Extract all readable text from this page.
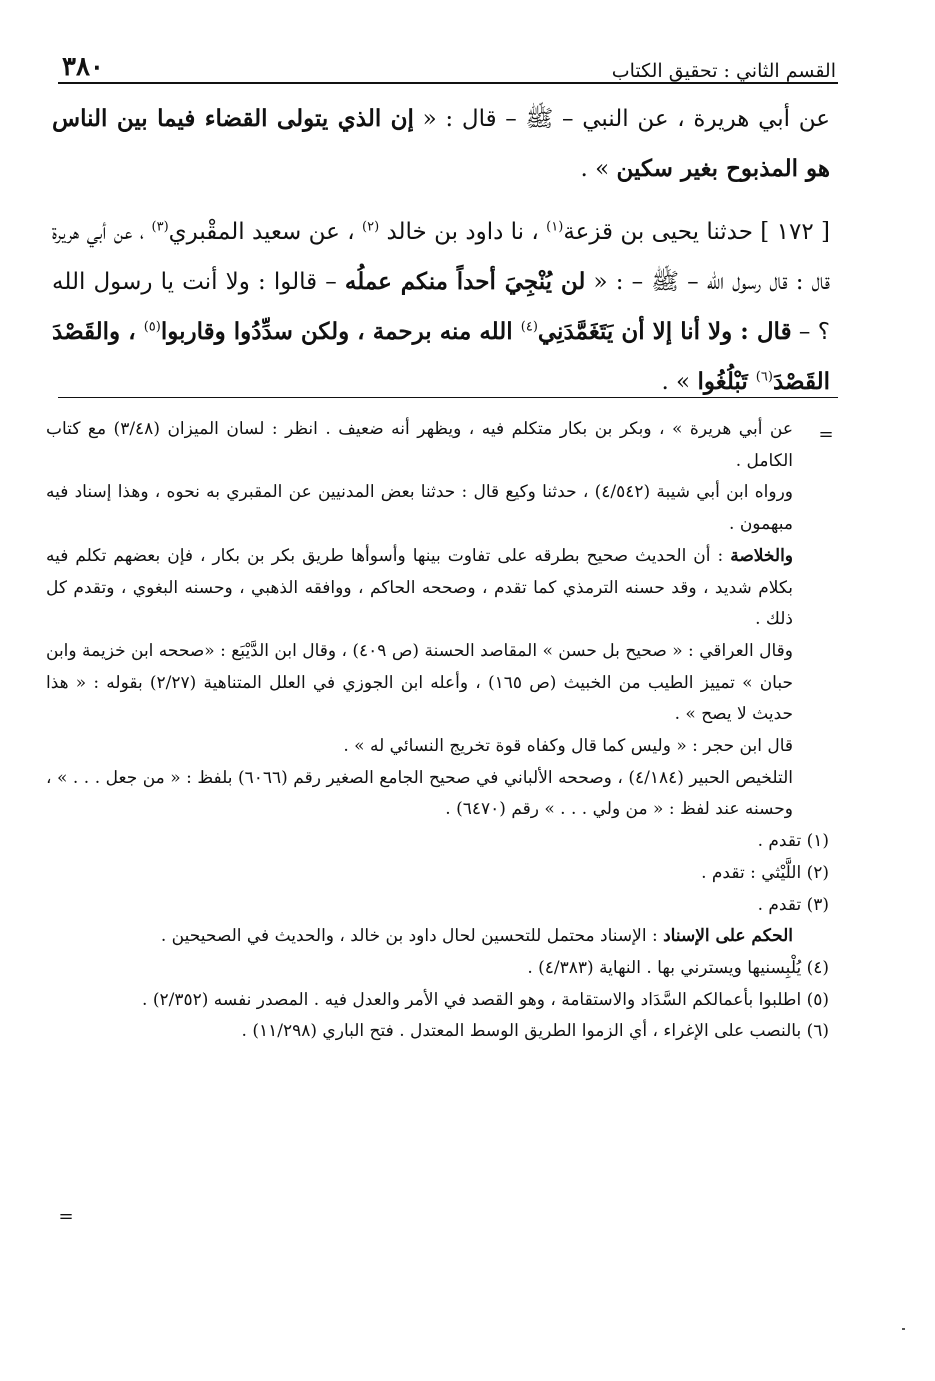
القسم الثاني : تحقيق الكتاب
٣٨٠

عن أبي هريرة ، عن النبي – ﷺ – قال : « إن الذي يتولى القضاء فيما بين الناس هو المذبوح بغير سكين » .

[ ١٧٢ ] حدثنا يحيى بن قزعة$^{(١)}$ ، نا داود بن خالد $^{(٢)}$ ، عن سعيد المقْبري$^{(٣)}$ ، عن أبي هريرة قال : قال رسول الله – ﷺ – : « لن يُنْجِيَ أحداً منكم عملُه – قالوا : ولا أنت يا رسول الله ؟ – قال : ولا أنا إلا أن يَتَغَمَّدَنِي$^{(٤)}$ الله منه برحمة ، ولكن سدِّدُوا وقاربوا$^{(٥)}$ ، والقَصْدَ القَصْدَ$^{(٦)}$ تَبْلُغُوا » .

=

عن أبي هريرة » ، وبكر بن بكار متكلم فيه ، ويظهر أنه ضعيف . انظر : لسان الميزان (٣/٤٨) مع كتاب الكامل .

ورواه ابن أبي شيبة (٤/٥٤٢) ، حدثنا وكيع قال : حدثنا بعض المدنيين عن المقبري به نحوه ، وهذا إسناد فيه مبهمون .

والخلاصة : أن الحديث صحيح بطرقه على تفاوت بينها وأسوأها طريق بكر بن بكار ، فإن بعضهم تكلم فيه بكلام شديد ، وقد حسنه الترمذي كما تقدم ، وصححه الحاكم ، ووافقه الذهبي ، وحسنه البغوي ، وتقدم كل ذلك .

وقال العراقي : « صحيح بل حسن » المقاصد الحسنة (ص ٤٠٩) ، وقال ابن الدَّيْبَع : «صححه ابن خزيمة وابن حبان » تمييز الطيب من الخبيث (ص ١٦٥) ، وأعله ابن الجوزي في العلل المتناهية (٢/٢٧) بقوله : « هذا حديث لا يصح » .

قال ابن حجر : « وليس كما قال وكفاه قوة تخريج النسائي له » .

التلخيص الحبير (٤/١٨٤) ، وصححه الألباني في صحيح الجامع الصغير رقم (٦٠٦٦) بلفظ : « من جعل . . . » ، وحسنه عند لفظ : « من ولي . . . » رقم (٦٤٧٠) .

(١) تقدم .

(٢) اللَّيْثي : تقدم .

(٣) تقدم .

الحكم على الإسناد : الإسناد محتمل للتحسين لحال داود بن خالد ، والحديث في الصحيحين .

(٤) يُلْبِسنيها ويسترني بها . النهاية (٤/٣٨٣) .

(٥) اطلبوا بأعمالكم السَّدَاد والاستقامة ، وهو القصد في الأمر والعدل فيه . المصدر نفسه (٢/٣٥٢) .

(٦) بالنصب على الإغراء ، أي الزموا الطريق الوسط المعتدل . فتح الباري (١١/٢٩٨) .

=
